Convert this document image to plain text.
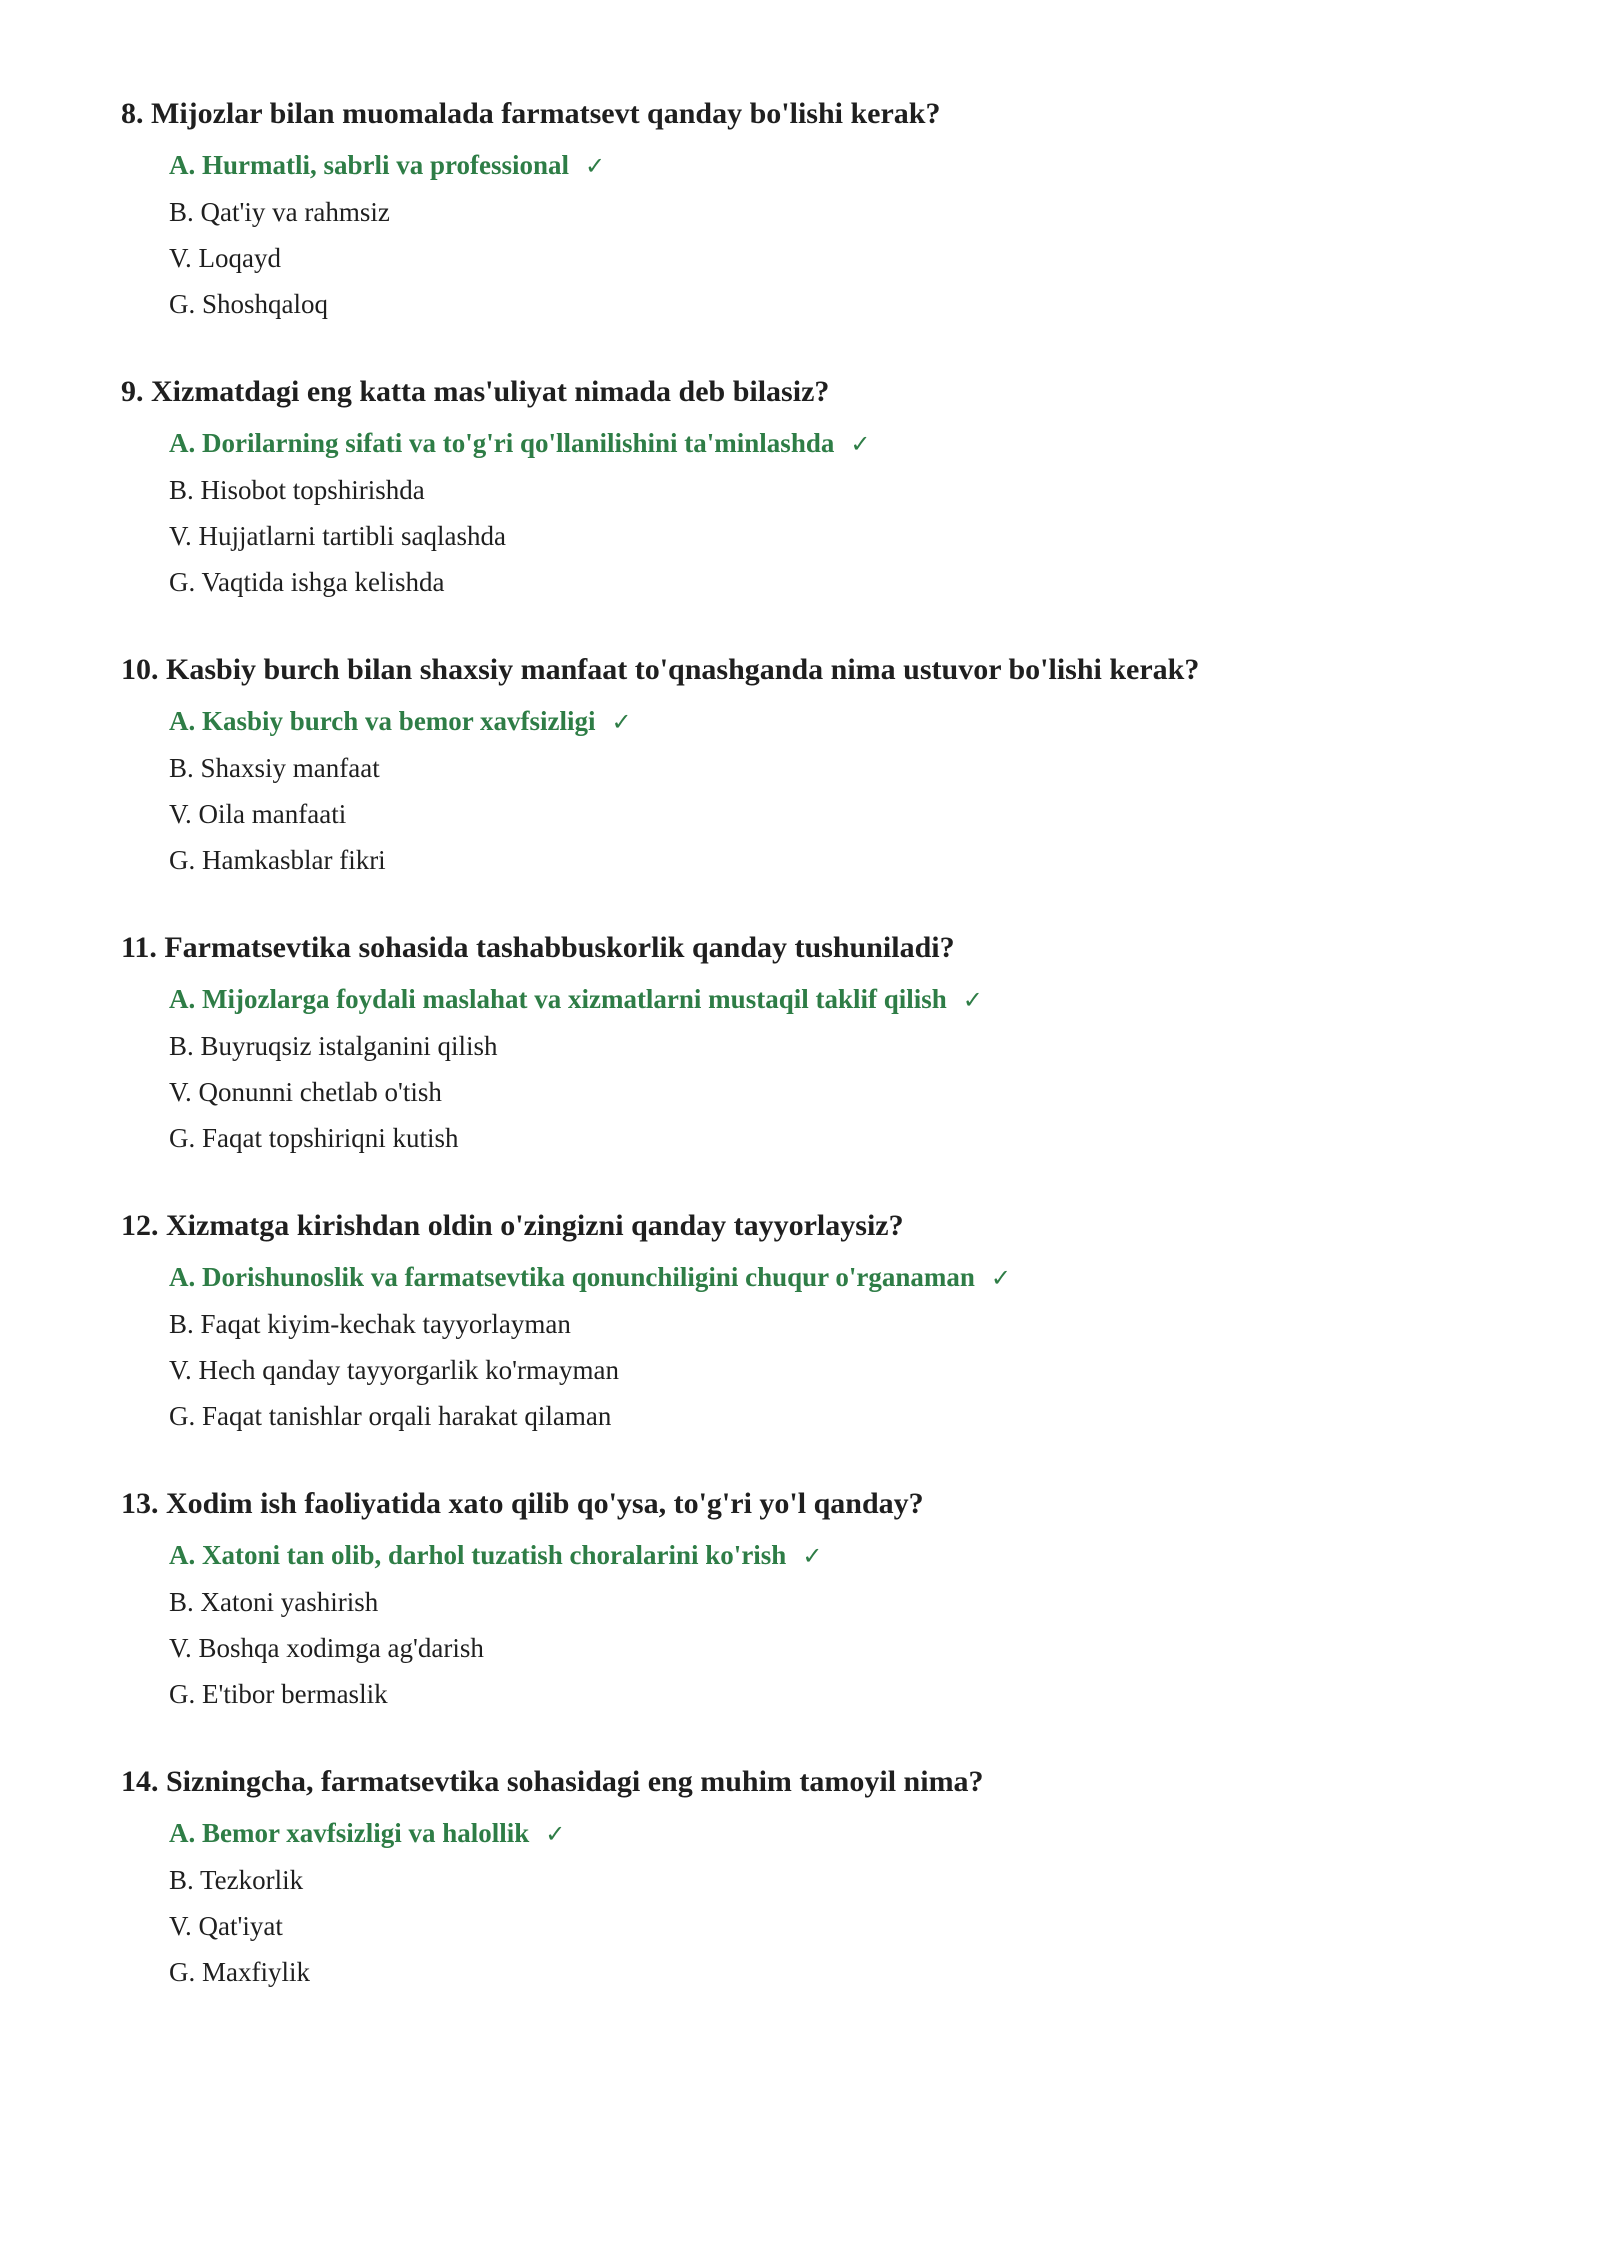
8. Mijozlar bilan muomalada farmatsevt qanday bo'lishi kerak?
A. Hurmatli, sabrli va professional ✓
B. Qat'iy va rahmsiz
V. Loqayd
G. Shoshqaloq
9. Xizmatdagi eng katta mas'uliyat nimada deb bilasiz?
A. Dorilarning sifati va to'g'ri qo'llanilishini ta'minlashda ✓
B. Hisobot topshirishda
V. Hujjatlarni tartibli saqlashda
G. Vaqtida ishga kelishda
10. Kasbiy burch bilan shaxsiy manfaat to'qnashganda nima ustuvor bo'lishi kerak?
A. Kasbiy burch va bemor xavfsizligi ✓
B. Shaxsiy manfaat
V. Oila manfaati
G. Hamkasblar fikri
11. Farmatsevtika sohasida tashabbuskorlik qanday tushuniladi?
A. Mijozlarga foydali maslahat va xizmatlarni mustaqil taklif qilish ✓
B. Buyruqsiz istalganini qilish
V. Qonunni chetlab o'tish
G. Faqat topshiriqni kutish
12. Xizmatga kirishdan oldin o'zingizni qanday tayyorlaysiz?
A. Dorishunoslik va farmatsevtika qonunchiligini chuqur o'rganaman ✓
B. Faqat kiyim-kechak tayyorlayman
V. Hech qanday tayyorgarlik ko'rmayman
G. Faqat tanishlar orqali harakat qilaman
13. Xodim ish faoliyatida xato qilib qo'ysa, to'g'ri yo'l qanday?
A. Xatoni tan olib, darhol tuzatish choralarini ko'rish ✓
B. Xatoni yashirish
V. Boshqa xodimga ag'darish
G. E'tibor bermaslik
14. Sizningcha, farmatsevtika sohasidagi eng muhim tamoyil nima?
A. Bemor xavfsizligi va halollik ✓
B. Tezkorlik
V. Qat'iyat
G. Maxfiylik
